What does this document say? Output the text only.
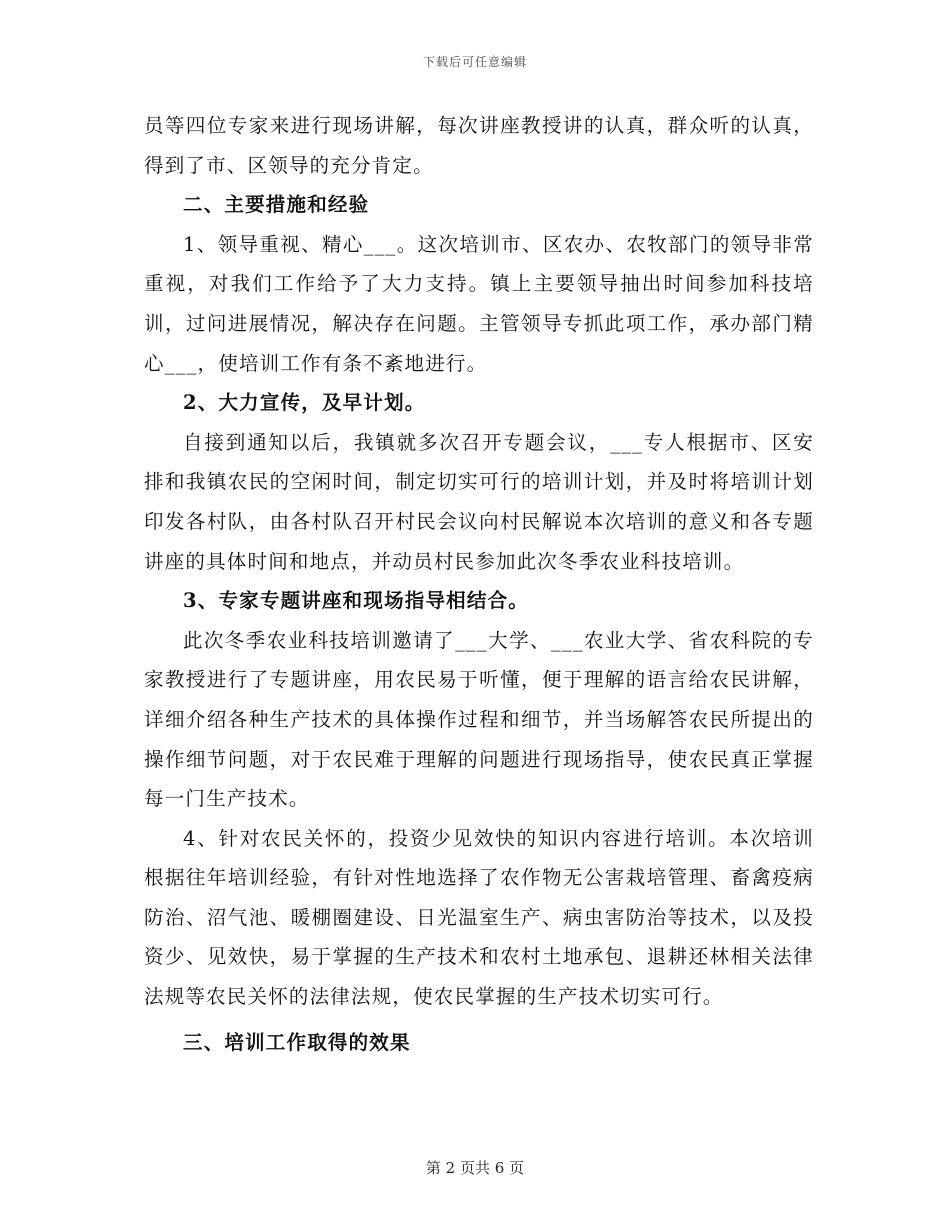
下载后可任意编辑

员等四位专家来进行现场讲解，每次讲座教授讲的认真，群众听的认真，得到了市、区领导的充分肯定。

二、主要措施和经验

1、领导重视、精心___。这次培训市、区农办、农牧部门的领导非常重视，对我们工作给予了大力支持。镇上主要领导抽出时间参加科技培训，过问进展情况，解决存在问题。主管领导专抓此项工作，承办部门精心___，使培训工作有条不紊地进行。

2、大力宣传，及早计划。

自接到通知以后，我镇就多次召开专题会议，___专人根据市、区安排和我镇农民的空闲时间，制定切实可行的培训计划，并及时将培训计划印发各村队，由各村队召开村民会议向村民解说本次培训的意义和各专题讲座的具体时间和地点，并动员村民参加此次冬季农业科技培训。

3、专家专题讲座和现场指导相结合。

此次冬季农业科技培训邀请了___大学、___农业大学、省农科院的专家教授进行了专题讲座，用农民易于听懂，便于理解的语言给农民讲解，详细介绍各种生产技术的具体操作过程和细节，并当场解答农民所提出的操作细节问题，对于农民难于理解的问题进行现场指导，使农民真正掌握每一门生产技术。

4、针对农民关怀的，投资少见效快的知识内容进行培训。本次培训根据往年培训经验，有针对性地选择了农作物无公害栽培管理、畜禽疫病防治、沼气池、暖棚圈建设、日光温室生产、病虫害防治等技术，以及投资少、见效快，易于掌握的生产技术和农村土地承包、退耕还林相关法律法规等农民关怀的法律法规，使农民掌握的生产技术切实可行。

三、培训工作取得的效果

第 2 页共 6 页
